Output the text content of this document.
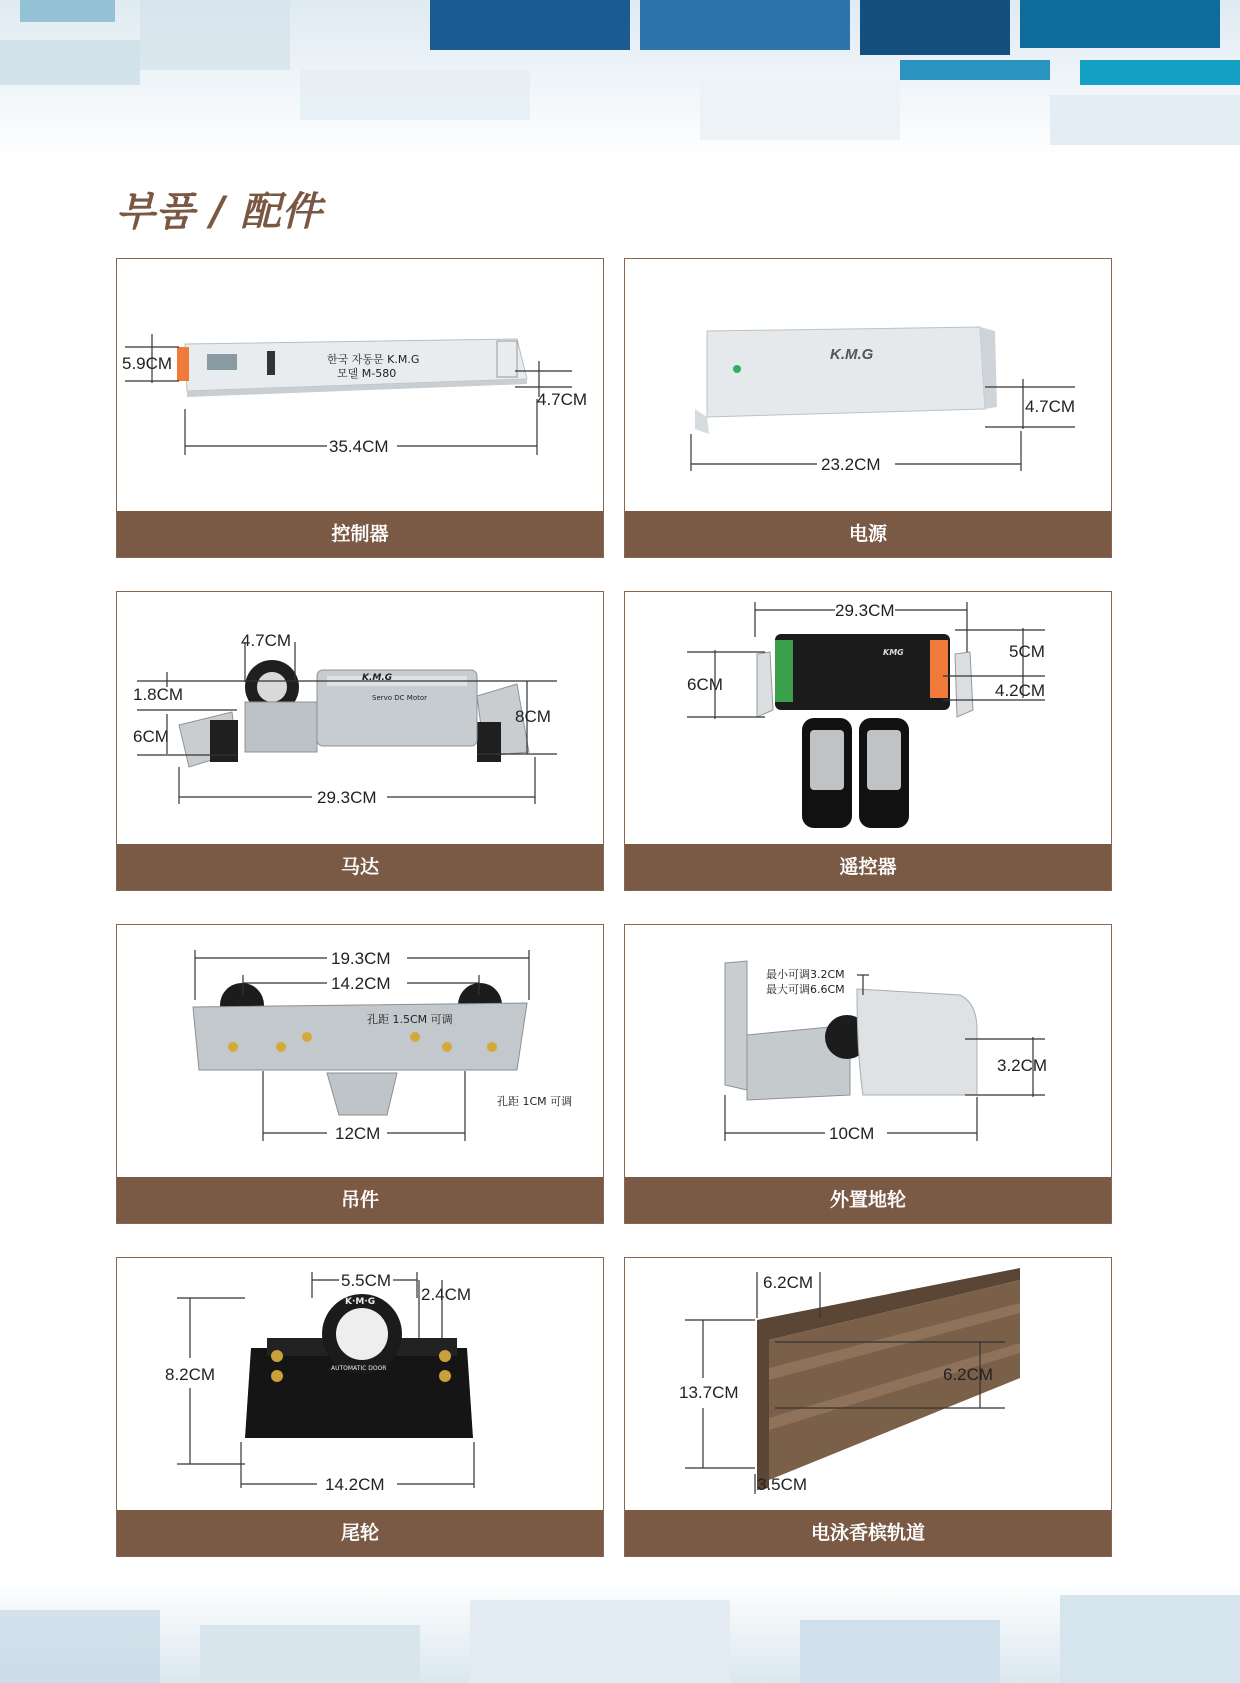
부품 / 配件
한국 자동문 K.M.G
모델 M-580
5.9CM
4.7CM
35.4CM
控制器
K.M.G
4.7CM
23.2CM
电源
K.M.G
Servo DC Motor
4.7CM
1.8CM
6CM
8CM
29.3CM
马达
KMG
29.3CM
6CM
5CM
4.2CM
遥控器
19.3CM
14.2CM
孔距 1.5CM 可调
孔距 1CM 可调
12CM
吊件
最小可调3.2CM
最大可调6.6CM
3.2CM
10CM
外置地轮
K·M·G
AUTOMATIC DOOR
5.5CM
2.4CM
8.2CM
14.2CM
尾轮
6.2CM
13.7CM
6.2CM
3.5CM
电泳香槟轨道
